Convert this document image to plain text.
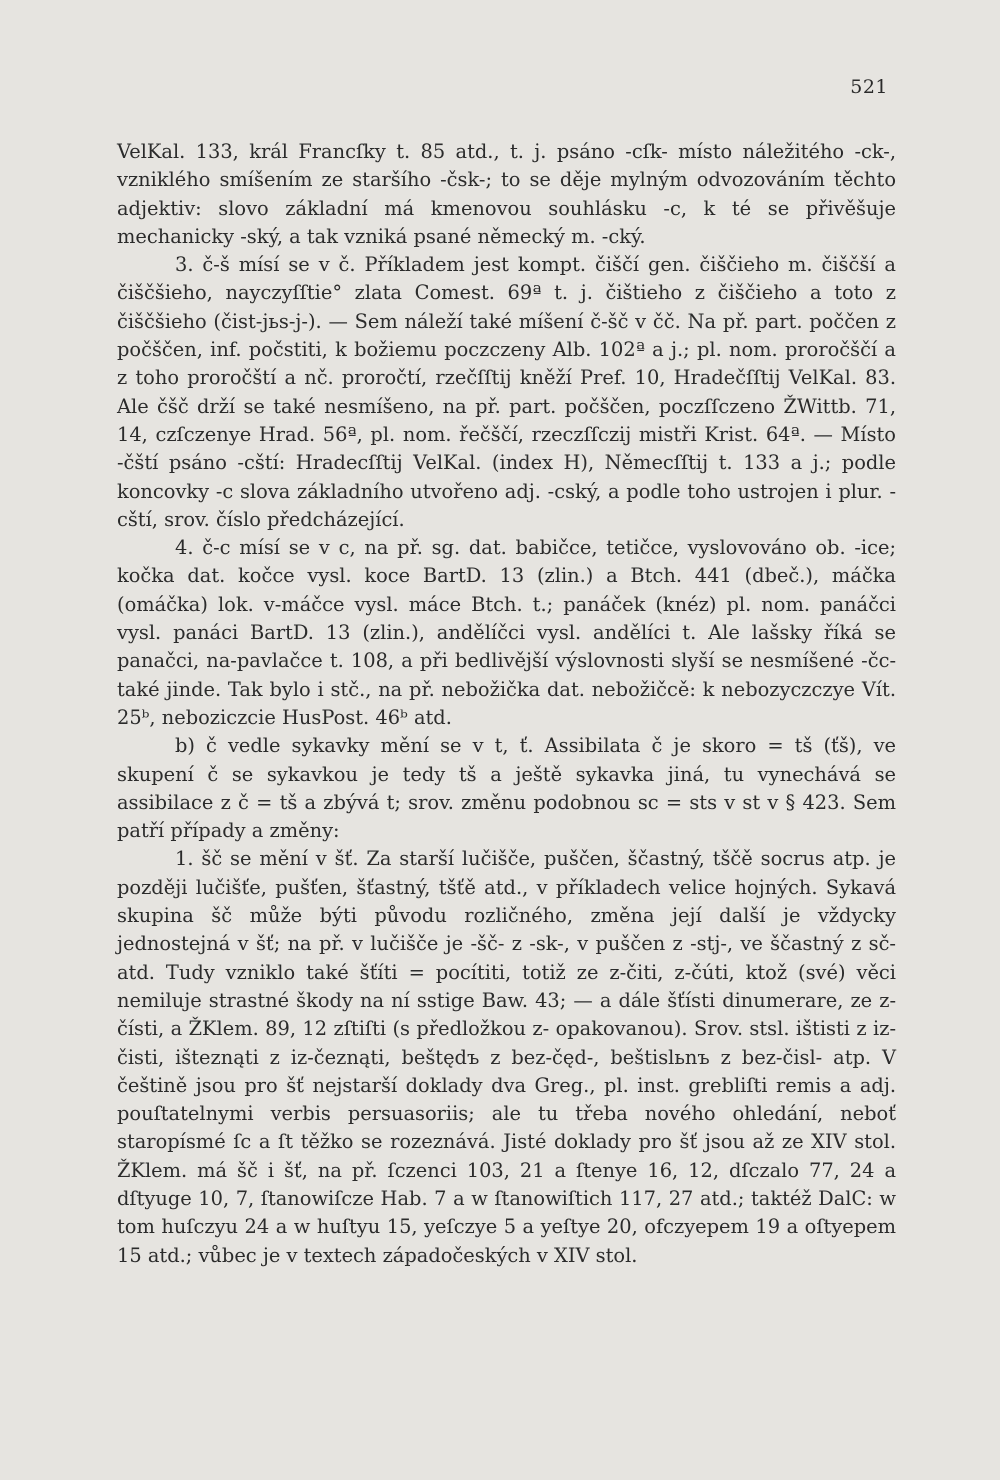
521

VelKal. 133, král Francſky t. 85 atd., t. j. psáno -cſk- místo náležitého -ck-, vzniklého smíšením ze staršího -čsk-; to se děje mylným odvozováním těchto adjektiv: slovo základní má kmenovou souhlásku -c, k té se přivěšuje mechanicky -ský, a tak vzniká psané německý m. -cký.

3. č-š mísí se v č. Příkladem jest kompt. čiščí gen. čiščieho m. čiščší a čiščšieho, nayczyſſtie° zlata Comest. 69ª t. j. čištieho z čiščieho a toto z čiščšieho (čist-jьs-j-). — Sem náleží také míšení č-šč v čč. Na př. part. poččen z počščen, inf. počstiti, k božiemu poczczeny Alb. 102ª a j.; pl. nom. proročščí a z toho proročští a nč. proročtí, rzečſſtij kněží Pref. 10, Hradečſſtij VelKal. 83. Ale čšč drží se také nesmíšeno, na př. part. počščen, poczſſczeno ŽWittb. 71, 14, czſczenye Hrad. 56ª, pl. nom. řečščí, rzeczſſczij mistři Krist. 64ª. — Místo -čští psáno -cští: Hradecſſtij VelKal. (index H), Němecſſtij t. 133 a j.; podle koncovky -c slova základního utvořeno adj. -cský, a podle toho ustrojen i plur. -cští, srov. číslo předcházející.

4. č-c mísí se v c, na př. sg. dat. babičce, tetičce, vyslovováno ob. -ice; kočka dat. kočce vysl. koce BartD. 13 (zlin.) a Btch. 441 (dbeč.), máčka (omáčka) lok. v-máčce vysl. máce Btch. t.; panáček (knéz) pl. nom. panáčci vysl. panáci BartD. 13 (zlin.), andělíčci vysl. andělíci t. Ale lašsky říká se panačci, na-pavlačce t. 108, a při bedlivější výslovnosti slyší se nesmíšené -čc- také jinde. Tak bylo i stč., na př. nebožička dat. nebožičcě: k nebozyczczye Vít. 25ᵇ, neboziczcie HusPost. 46ᵇ atd.

b) č vedle sykavky mění se v t, ť. Assibilata č je skoro = tš (ťš), ve skupení č se sykavkou je tedy tš a ještě sykavka jiná, tu vynechává se assibilace z č = tš a zbývá t; srov. změnu podobnou sc = sts v st v § 423. Sem patří případy a změny:

1. šč se mění v šť. Za starší lučišče, puščen, ščastný, tščě socrus atp. je později lučišťe, pušťen, šťastný, tšťě atd., v příkladech velice hojných. Sykavá skupina šč může býti původu rozličného, změna její další je vždycky jednostejná v šť; na př. v lučišče je -šč- z -sk-, v puščen z -stj-, ve ščastný z sč- atd. Tudy vzniklo také šťíti = pocítiti, totiž ze z-čiti, z-čúti, ktož (své) věci nemiluje strastné škody na ní sstige Baw. 43; — a dále šťísti dinumerare, ze z-čísti, a ŽKlem. 89, 12 zſtiſti (s předložkou z- opakovanou). Srov. stsl. ištisti z iz-čisti, išteznąti z iz-čeznąti, beštędъ z bez-čęd-, beštislьnъ z bez-čisl- atp. V češtině jsou pro šť nejstarší doklady dva Greg., pl. inst. grebliſti remis a adj. pouſtatelnymi verbis persuasoriis; ale tu třeba nového ohledání, neboť staropísmé ſc a ſt těžko se rozeznává. Jisté doklady pro šť jsou až ze XIV stol. ŽKlem. má šč i šť, na př. ſczenci 103, 21 a ſtenye 16, 12, dſczalo 77, 24 a dſtyuge 10, 7, ſtanowiſcze Hab. 7 a w ſtanowiſtich 117, 27 atd.; taktéž DalC: w tom huſczyu 24 a w huſtyu 15, yeſczye 5 a yeſtye 20, ofczyepem 19 a oſtyepem 15 atd.; vůbec je v textech západočeských v XIV stol.
